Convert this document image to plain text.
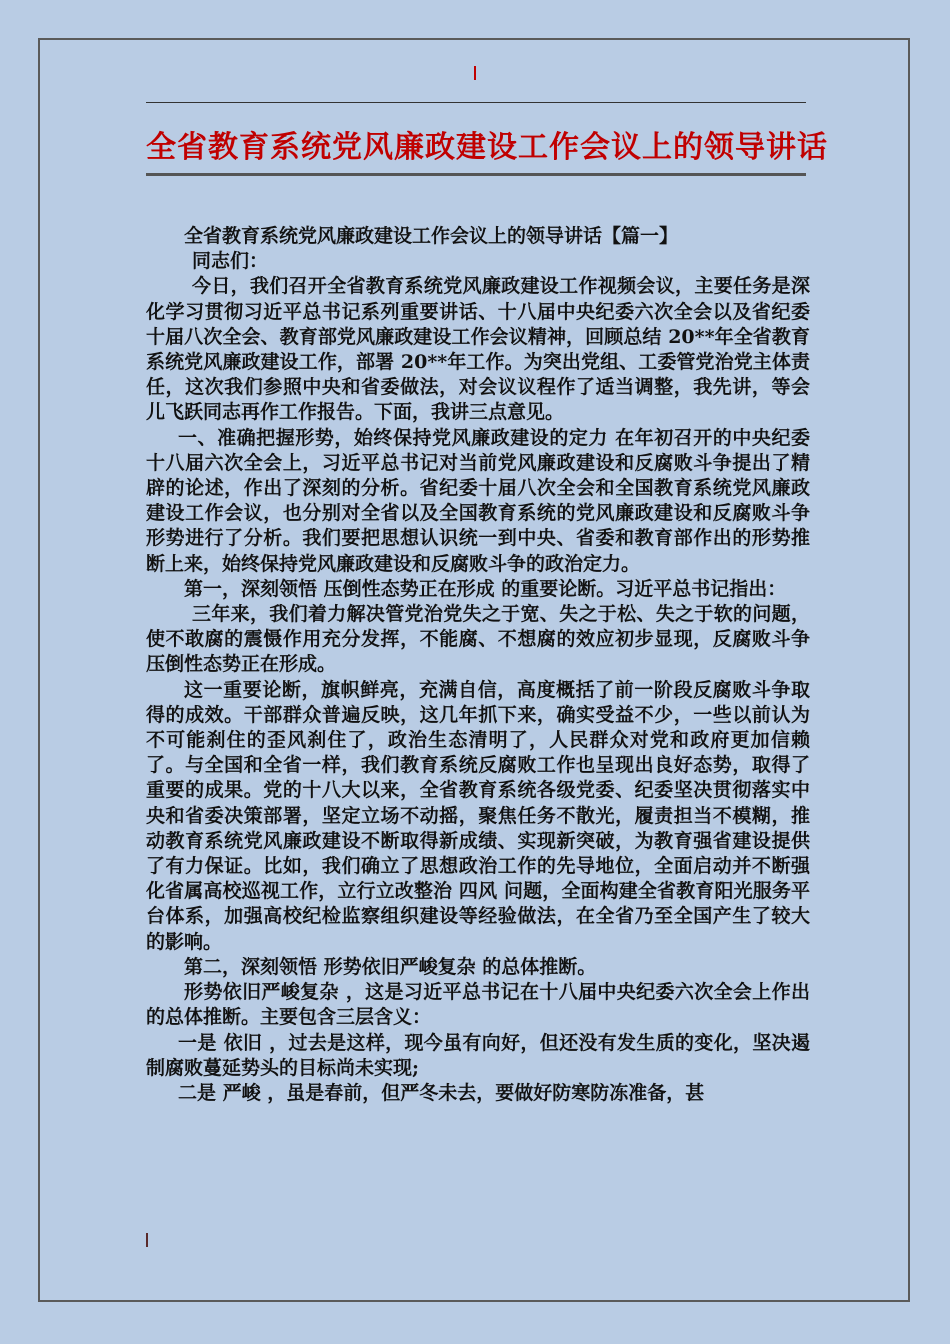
全省教育系统党风廉政建设工作会议上的领导讲话

全省教育系统党风廉政建设工作会议上的领导讲话【篇一】

同志们：

今日，我们召开全省教育系统党风廉政建设工作视频会议，主要任务是深化学习贯彻习近平总书记系列重要讲话、十八届中央纪委六次全会以及省纪委十届八次全会、教育部党风廉政建设工作会议精神，回顾总结 20**年全省教育系统党风廉政建设工作，部署 20**年工作。为突出党组、工委管党治党主体责任，这次我们参照中央和省委做法，对会议议程作了适当调整，我先讲，等会儿飞跃同志再作工作报告。下面，我讲三点意见。

一、准确把握形势，始终保持党风廉政建设的定力 在年初召开的中央纪委十八届六次全会上，习近平总书记对当前党风廉政建设和反腐败斗争提出了精辟的论述，作出了深刻的分析。省纪委十届八次全会和全国教育系统党风廉政建设工作会议，也分别对全省以及全国教育系统的党风廉政建设和反腐败斗争形势进行了分析。我们要把思想认识统一到中央、省委和教育部作出的形势推断上来，始终保持党风廉政建设和反腐败斗争的政治定力。

第一，深刻领悟 压倒性态势正在形成 的重要论断。习近平总书记指出：

三年来，我们着力解决管党治党失之于宽、失之于松、失之于软的问题，使不敢腐的震慑作用充分发挥，不能腐、不想腐的效应初步显现，反腐败斗争压倒性态势正在形成。

这一重要论断，旗帜鲜亮，充满自信，高度概括了前一阶段反腐败斗争取得的成效。干部群众普遍反映，这几年抓下来，确实受益不少，一些以前认为不可能刹住的歪风刹住了，政治生态清明了，人民群众对党和政府更加信赖了。与全国和全省一样，我们教育系统反腐败工作也呈现出良好态势，取得了重要的成果。党的十八大以来，全省教育系统各级党委、纪委坚决贯彻落实中央和省委决策部署，坚定立场不动摇，聚焦任务不散光，履责担当不模糊，推动教育系统党风廉政建设不断取得新成绩、实现新突破，为教育强省建设提供了有力保证。比如，我们确立了思想政治工作的先导地位，全面启动并不断强化省属高校巡视工作，立行立改整治 四风 问题，全面构建全省教育阳光服务平台体系，加强高校纪检监察组织建设等经验做法，在全省乃至全国产生了较大的影响。

第二，深刻领悟 形势依旧严峻复杂 的总体推断。

形势依旧严峻复杂 ，这是习近平总书记在十八届中央纪委六次全会上作出的总体推断。主要包含三层含义：

一是 依旧 ，过去是这样，现今虽有向好，但还没有发生质的变化，坚决遏制腐败蔓延势头的目标尚未实现;

二是 严峻 ，虽是春前，但严冬未去，要做好防寒防冻准备，甚
